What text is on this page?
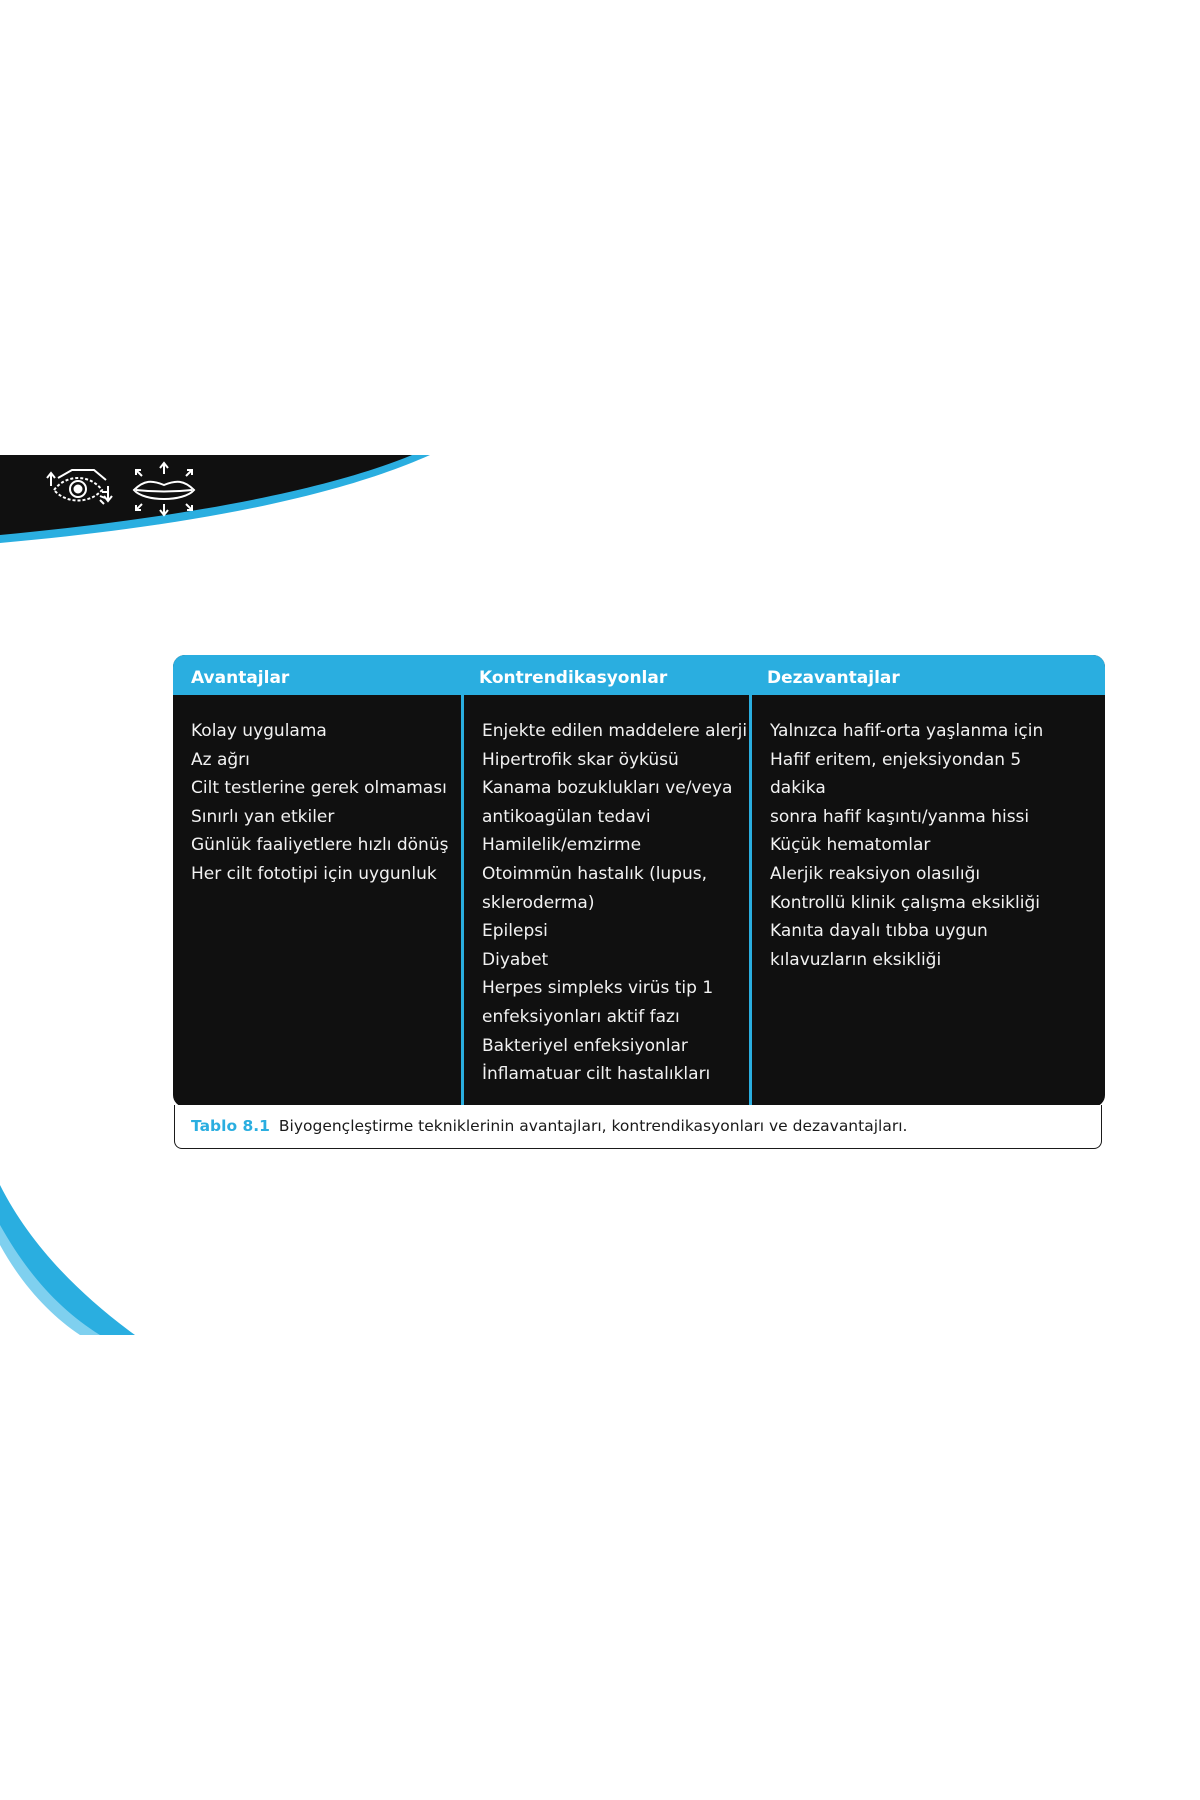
Avantajlar	Kontrendikasyonlar	Dezavantajlar
Kolay uygulama
Az ağrı
Cilt testlerine gerek olmaması
Sınırlı yan etkiler
Günlük faaliyetlere hızlı dönüş
Her cilt fototipi için uygunluk
Enjekte edilen maddelere alerji
Hipertrofik skar öyküsü
Kanama bozuklukları ve/veya
antikoagülan tedavi
Hamilelik/emzirme
Otoimmün hastalık (lupus,
skleroderma)
Epilepsi
Diyabet
Herpes simpleks virüs tip 1
enfeksiyonları aktif fazı
Bakteriyel enfeksiyonlar
İnflamatuar cilt hastalıkları
Yalnızca hafif-orta yaşlanma için
Hafif eritem, enjeksiyondan 5
dakika
sonra hafif kaşıntı/yanma hissi
Küçük hematomlar
Alerjik reaksiyon olasılığı
Kontrollü klinik çalışma eksikliği
Kanıta dayalı tıbba uygun
kılavuzların eksikliği
Tablo 8.1 Biyogençleştirme tekniklerinin avantajları, kontrendikasyonları ve dezavantajları.
